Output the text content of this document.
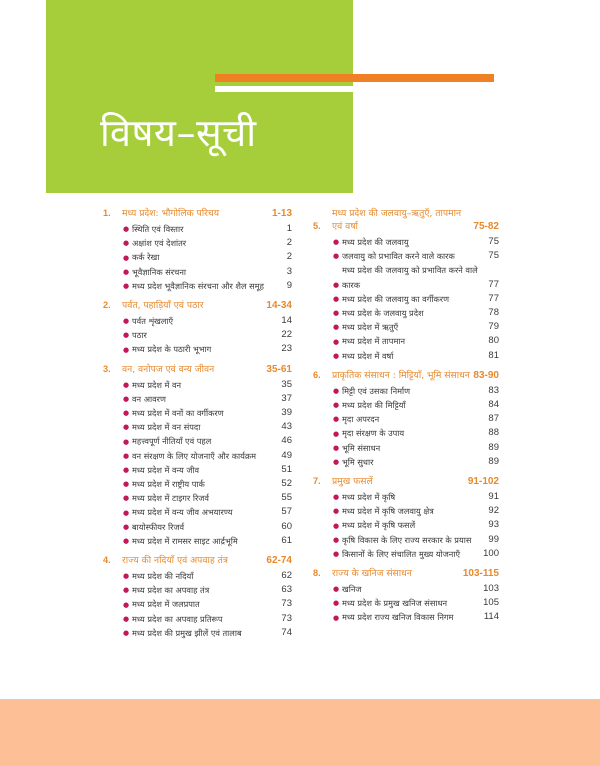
विषय–सूची
1.	मध्य प्रदेश: भौगोलिक परिचय	1-13
● स्थिति एवं विस्तार	1
● अक्षांश एवं देशांतर	2
● कर्क रेखा	2
● भूवैज्ञानिक संरचना	3
● मध्य प्रदेश भूवैज्ञानिक संरचना और शैल समूह	9
2.	पर्वत, पहाड़ियाँ एवं पठार	14-34
● पर्वत शृंखलाएँ	14
● पठार	22
● मध्य प्रदेश के पठारी भूभाग	23
3.	वन, वनोपज एवं वन्य जीवन	35-61
● मध्य प्रदेश में वन	35
● वन आवरण	37
● मध्य प्रदेश में वनों का वर्गीकरण	39
● मध्य प्रदेश में वन संपदा	43
● महत्त्वपूर्ण नीतियाँ एवं पहल	46
● वन संरक्षण के लिए योजनाएँ और कार्यक्रम	49
● मध्य प्रदेश में वन्य जीव	51
● मध्य प्रदेश में राष्ट्रीय पार्क	52
● मध्य प्रदेश में टाइगर रिजर्व	55
● मध्य प्रदेश में वन्य जीव अभयारण्य	57
● बायोस्फीयर रिजर्व	60
● मध्य प्रदेश में रामसर साइट आर्द्रभूमि	61
4.	राज्य की नदियाँ एवं अपवाह तंत्र	62-74
● मध्य प्रदेश की नदियाँ	62
● मध्य प्रदेश का अपवाह तंत्र	63
● मध्य प्रदेश में जलप्रपात	73
● मध्य प्रदेश का अपवाह प्रतिरूप	73
● मध्य प्रदेश की प्रमुख झीलें एवं तालाब	74
5.
मध्य प्रदेश की जलवायु–ऋतुएँ, तापमान एवं वर्षा	75-82
● मध्य प्रदेश की जलवायु	75
● जलवायु को प्रभावित करने वाले कारक	75
●
मध्य प्रदेश की जलवायु को प्रभावित करने वाले कारक	77
● मध्य प्रदेश की जलवायु का वर्गीकरण	77
● मध्य प्रदेश के जलवायु प्रदेश	78
● मध्य प्रदेश में ऋतुएँ	79
● मध्य प्रदेश में तापमान	80
● मध्य प्रदेश में वर्षा	81
6.	प्राकृतिक संसाधन : मिट्टियाँ, भूमि संसाधन 83-90
● मिट्टी एवं उसका निर्माण	83
● मध्य प्रदेश की मिट्टियाँ	84
● मृदा अपरदन	87
● मृदा संरक्षण के उपाय	88
● भूमि संसाधन	89
● भूमि सुधार	89
7.	प्रमुख फसलें	91-102
● मध्य प्रदेश में कृषि	91
● मध्य प्रदेश में कृषि जलवायु क्षेत्र	92
● मध्य प्रदेश में कृषि फसलें	93
● कृषि विकास के लिए राज्य सरकार के प्रयास	99
● किसानों के लिए संचालित मुख्य योजनाएँ	100
8.	राज्य के खनिज संसाधन	103-115
● खनिज	103
● मध्य प्रदेश के प्रमुख खनिज संसाधन	105
● मध्य प्रदेश राज्य खनिज विकास निगम	114
